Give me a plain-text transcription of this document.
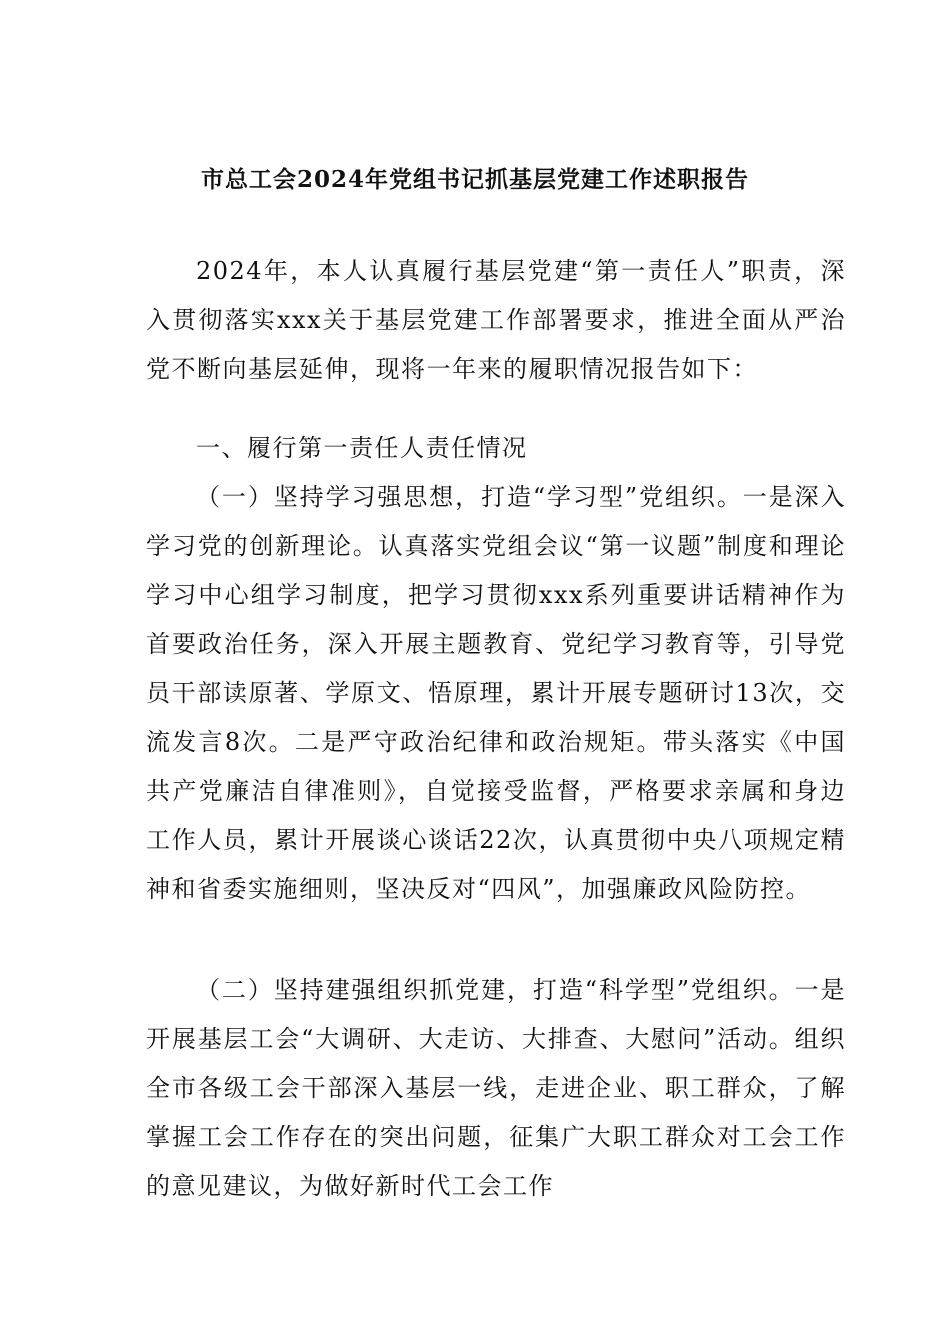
市总工会2024年党组书记抓基层党建工作述职报告

2024年，本人认真履行基层党建“第一责任人”职责，深入贯彻落实xxx关于基层党建工作部署要求，推进全面从严治党不断向基层延伸，现将一年来的履职情况报告如下：

一、履行第一责任人责任情况

（一）坚持学习强思想，打造“学习型”党组织。一是深入学习党的创新理论。认真落实党组会议“第一议题”制度和理论学习中心组学习制度，把学习贯彻xxx系列重要讲话精神作为首要政治任务，深入开展主题教育、党纪学习教育等，引导党员干部读原著、学原文、悟原理，累计开展专题研讨13次，交流发言8次。二是严守政治纪律和政治规矩。带头落实《中国共产党廉洁自律准则》，自觉接受监督，严格要求亲属和身边工作人员，累计开展谈心谈话22次，认真贯彻中央八项规定精神和省委实施细则，坚决反对“四风”，加强廉政风险防控。

（二）坚持建强组织抓党建，打造“科学型”党组织。一是开展基层工会“大调研、大走访、大排查、大慰问”活动。组织全市各级工会干部深入基层一线，走进企业、职工群众，了解掌握工会工作存在的突出问题，征集广大职工群众对工会工作的意见建议，为做好新时代工会工作
